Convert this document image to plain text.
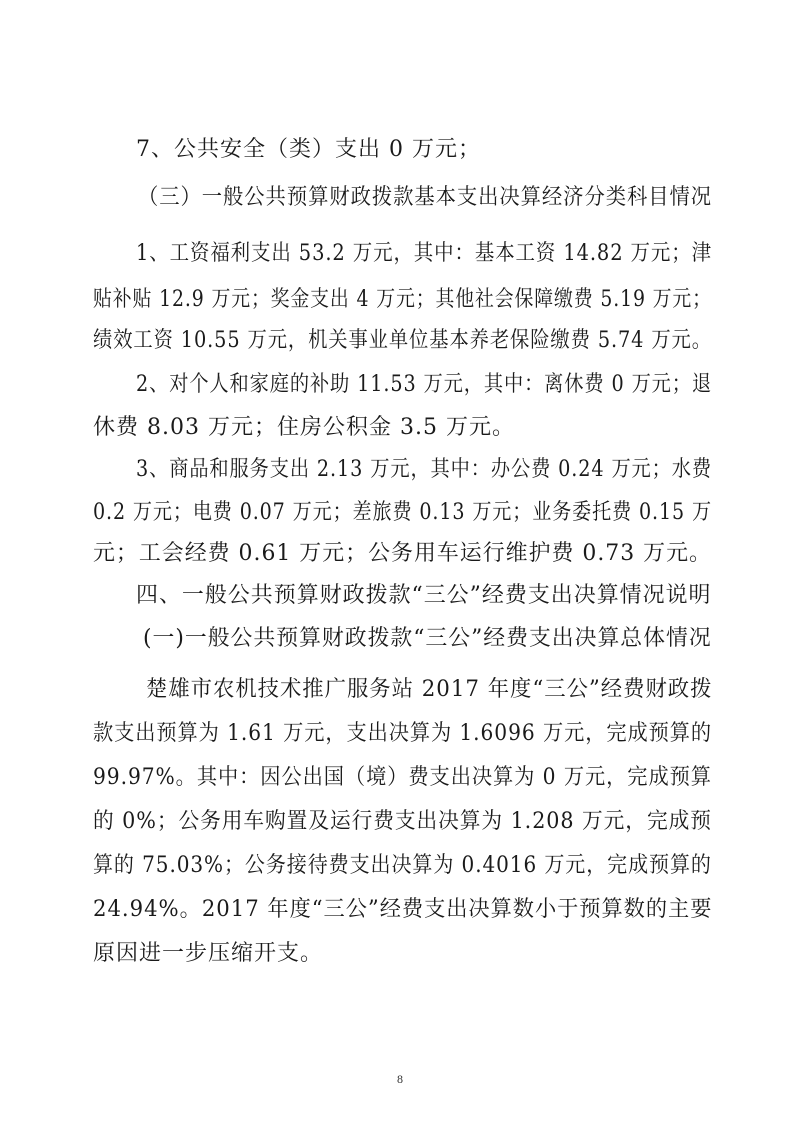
7、公共安全（类）支出 0 万元；
（三）一般公共预算财政拨款基本支出决算经济分类科目情况
1、工资福利支出 53.2 万元，其中：基本工资 14.82 万元；津
贴补贴 12.9 万元；奖金支出 4 万元；其他社会保障缴费 5.19 万元；
绩效工资 10.55 万元，机关事业单位基本养老保险缴费 5.74 万元。
2、对个人和家庭的补助 11.53 万元，其中：离休费 0 万元；退
休费 8.03 万元；住房公积金 3.5 万元。
3、商品和服务支出 2.13 万元，其中：办公费 0.24 万元；水费
0.2 万元；电费 0.07 万元；差旅费 0.13 万元；业务委托费 0.15 万
元；工会经费 0.61 万元；公务用车运行维护费 0.73 万元。
四、一般公共预算财政拨款“三公”经费支出决算情况说明
(一)一般公共预算财政拨款“三公”经费支出决算总体情况
楚雄市农机技术推广服务站 2017 年度“三公”经费财政拨
款支出预算为 1.61 万元，支出决算为 1.6096 万元，完成预算的
99.97%。其中：因公出国（境）费支出决算为 0 万元，完成预算
的 0%；公务用车购置及运行费支出决算为 1.208 万元，完成预
算的 75.03%；公务接待费支出决算为 0.4016 万元，完成预算的
24.94%。2017 年度“三公”经费支出决算数小于预算数的主要
原因进一步压缩开支。
8
